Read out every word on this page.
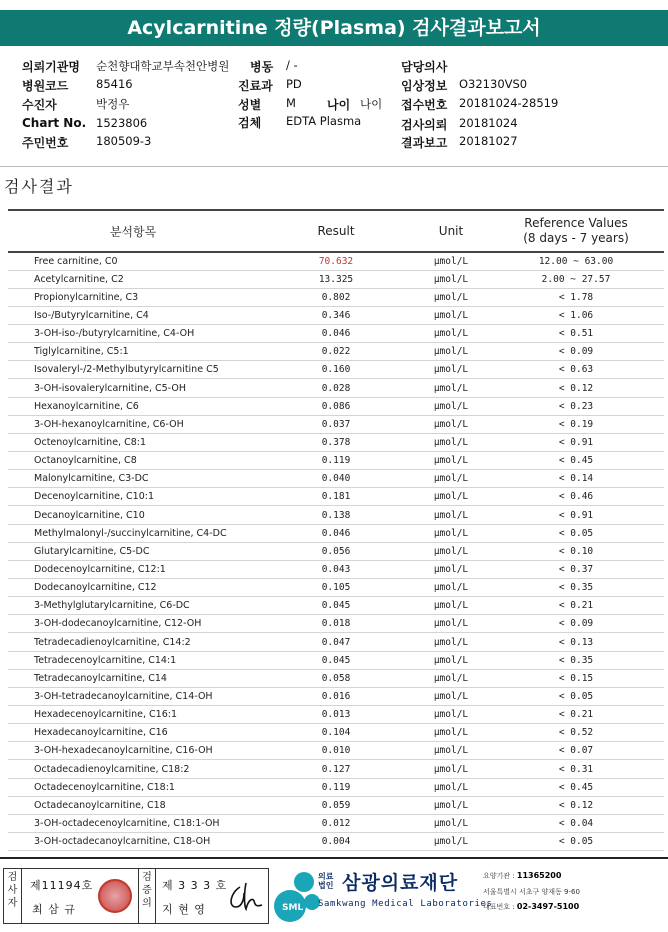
Acylcarnitine 정량(Plasma) 검사결과보고서
의뢰기관명 순천향대학교부속천안병원 병동 / -	담당의사
병원코드 85416	진료과 PD	임상정보 O32130VS0
수진자	박정우	성별 M	나이 나이 접수번호 20181024-28519
Chart No. 1523806	검체 EDTA Plasma	검사의뢰 20181024
주민번호 180509-3	결과보고 20181027
검사결과
분석항목	Result	Unit	Reference Values
(8 days - 7 years)

Free carnitine, C0	70.632	μmol/L	12.00 ~ 63.00
Acetylcarnitine, C2	13.325	μmol/L	2.00 ~ 27.57
Propionylcarnitine, C3	0.802	μmol/L	< 1.78
Iso-/Butyrylcarnitine, C4	0.346	μmol/L	< 1.06
3-OH-iso-/butyrylcarnitine, C4-OH	0.046	μmol/L	< 0.51
Tiglylcarnitine, C5:1	0.022	μmol/L	< 0.09
Isovaleryl-/2-Methylbutyrylcarnitine C5	0.160	μmol/L	< 0.63
3-OH-isovalerylcarnitine, C5-OH	0.028	μmol/L	< 0.12
Hexanoylcarnitine, C6	0.086	μmol/L	< 0.23
3-OH-hexanoylcarnitine, C6-OH	0.037	μmol/L	< 0.19
Octenoylcarnitine, C8:1	0.378	μmol/L	< 0.91
Octanoylcarnitine, C8	0.119	μmol/L	< 0.45
Malonylcarnitine, C3-DC	0.040	μmol/L	< 0.14
Decenoylcarnitine, C10:1	0.181	μmol/L	< 0.46
Decanoylcarnitine, C10	0.138	μmol/L	< 0.91
Methylmalonyl-/succinylcarnitine, C4-DC	0.046	μmol/L	< 0.05
Glutarylcarnitine, C5-DC	0.056	μmol/L	< 0.10
Dodecenoylcarnitine, C12:1	0.043	μmol/L	< 0.37
Dodecanoylcarnitine, C12	0.105	μmol/L	< 0.35
3-Methylglutarylcarnitine, C6-DC	0.045	μmol/L	< 0.21
3-OH-dodecanoylcarnitine, C12-OH	0.018	μmol/L	< 0.09
Tetradecadienoylcarnitine, C14:2	0.047	μmol/L	< 0.13
Tetradecenoylcarnitine, C14:1	0.045	μmol/L	< 0.35
Tetradecanoylcarnitine, C14	0.058	μmol/L	< 0.15
3-OH-tetradecanoylcarnitine, C14-OH	0.016	μmol/L	< 0.05
Hexadecenoylcarnitine, C16:1	0.013	μmol/L	< 0.21
Hexadecanoylcarnitine, C16	0.104	μmol/L	< 0.52
3-OH-hexadecanoylcarnitine, C16-OH	0.010	μmol/L	< 0.07
Octadecadienoylcarnitine, C18:2	0.127	μmol/L	< 0.31
Octadecenoylcarnitine, C18:1	0.119	μmol/L	< 0.45
Octadecanoylcarnitine, C18	0.059	μmol/L	< 0.12
3-OH-octadecenoylcarnitine, C18:1-OH	0.012	μmol/L	< 0.04
3-OH-octadecanoylcarnitine, C18-OH	0.004	μmol/L	< 0.05
검사자
제11194호
최 삼 규
검증의
제 3 3 3 호
지 현 영	SML
의료법인 삼광의료재단
Samkwang Medical Laboratories
요양기관 : 11365200
서울특별시 서초구 양재동 9-60
대표번호 : 02-3497-5100
